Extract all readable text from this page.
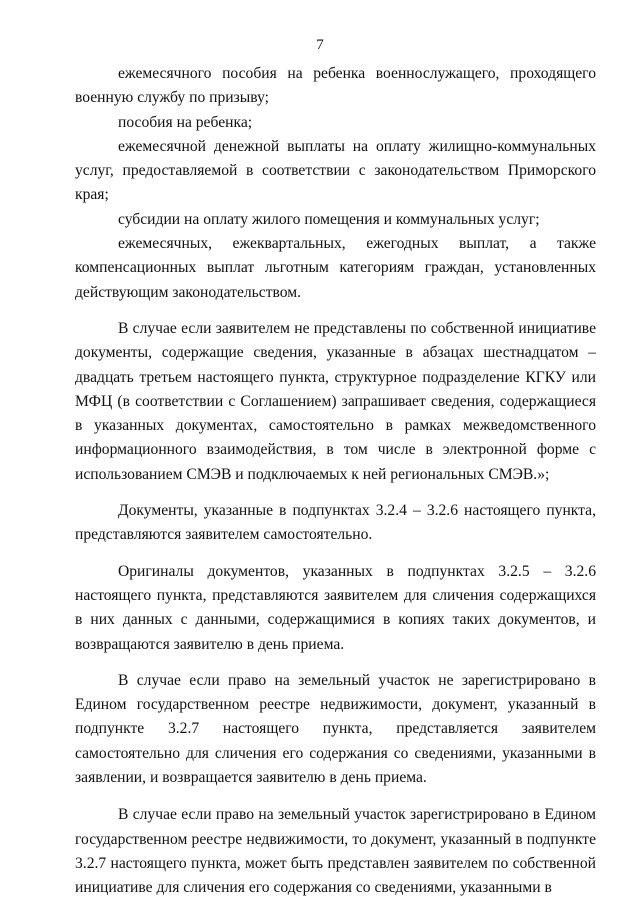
7

ежемесячного пособия на ребенка военнослужащего, проходящего военную службу по призыву;

пособия на ребенка;

ежемесячной денежной выплаты на оплату жилищно-коммунальных услуг, предоставляемой в соответствии с законодательством Приморского края;

субсидии на оплату жилого помещения и коммунальных услуг;

ежемесячных, ежеквартальных, ежегодных выплат, а также компенсационных выплат льготным категориям граждан, установленных действующим законодательством.

В случае если заявителем не представлены по собственной инициативе документы, содержащие сведения, указанные в абзацах шестнадцатом – двадцать третьем настоящего пункта, структурное подразделение КГКУ или МФЦ (в соответствии с Соглашением) запрашивает сведения, содержащиеся в указанных документах, самостоятельно в рамках межведомственного информационного взаимодействия, в том числе в электронной форме с использованием СМЭВ и подключаемых к ней региональных СМЭВ.»;

Документы, указанные в подпунктах 3.2.4 – 3.2.6 настоящего пункта, представляются заявителем самостоятельно.

Оригиналы документов, указанных в подпунктах 3.2.5 – 3.2.6 настоящего пункта, представляются заявителем для сличения содержащихся в них данных с данными, содержащимися в копиях таких документов, и возвращаются заявителю в день приема.

В случае если право на земельный участок не зарегистрировано в Едином государственном реестре недвижимости, документ, указанный в подпункте 3.2.7 настоящего пункта, представляется заявителем самостоятельно для сличения его содержания со сведениями, указанными в заявлении, и возвращается заявителю в день приема.

В случае если право на земельный участок зарегистрировано в Едином государственном реестре недвижимости, то документ, указанный в подпункте 3.2.7 настоящего пункта, может быть представлен заявителем по собственной инициативе для сличения его содержания со сведениями, указанными в
